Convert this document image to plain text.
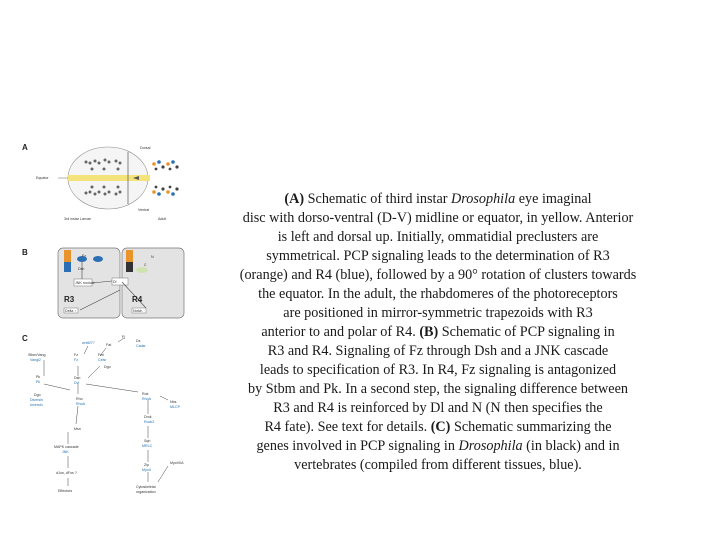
A	Dorsal
Ventral
Equator
3rd instar Larvae	Adult
B	Fz
Dsh
JNK module	Dl
N
C
Delta ↑	Notch
R3	R4
C	Fj
Fat
Ds
Cadsr
wnt5/7?
Stbm/Vang
Vangl2
Fz
Fz
Fmi
Celsr
Dgo
Pk
Pk
Dsh
Dvl
Dgo
Diversin
Inversin
Rho
RhoA
Rok
RhoA
Nbs
MLCP
Drok
Rock2
Msn
MAPK cascade
JNK
Sqh
MRLC
Zip
MyoII
MyoVIIA
dJun, dFos ?
Effectors
Cytoskeletal
organization
(A) Schematic of third instar Drosophila eye imaginal
disc with dorso-ventral (D-V) midline or equator, in yellow. Anterior
is left and dorsal up. Initially, ommatidial preclusters are
symmetrical. PCP signaling leads to the determination of R3
(orange) and R4 (blue), followed by a 90° rotation of clusters towards
the equator. In the adult, the rhabdomeres of the photoreceptors
are positioned in mirror-symmetric trapezoids with R3
anterior to and polar of R4. (B) Schematic of PCP signaling in
R3 and R4. Signaling of Fz through Dsh and a JNK cascade
leads to specification of R3. In R4, Fz signaling is antagonized
by Stbm and Pk. In a second step, the signaling difference between
R3 and R4 is reinforced by Dl and N (N then specifies the
R4 fate). See text for details. (C) Schematic summarizing the
genes involved in PCP signaling in Drosophila (in black) and in
vertebrates (compiled from different tissues, blue).
